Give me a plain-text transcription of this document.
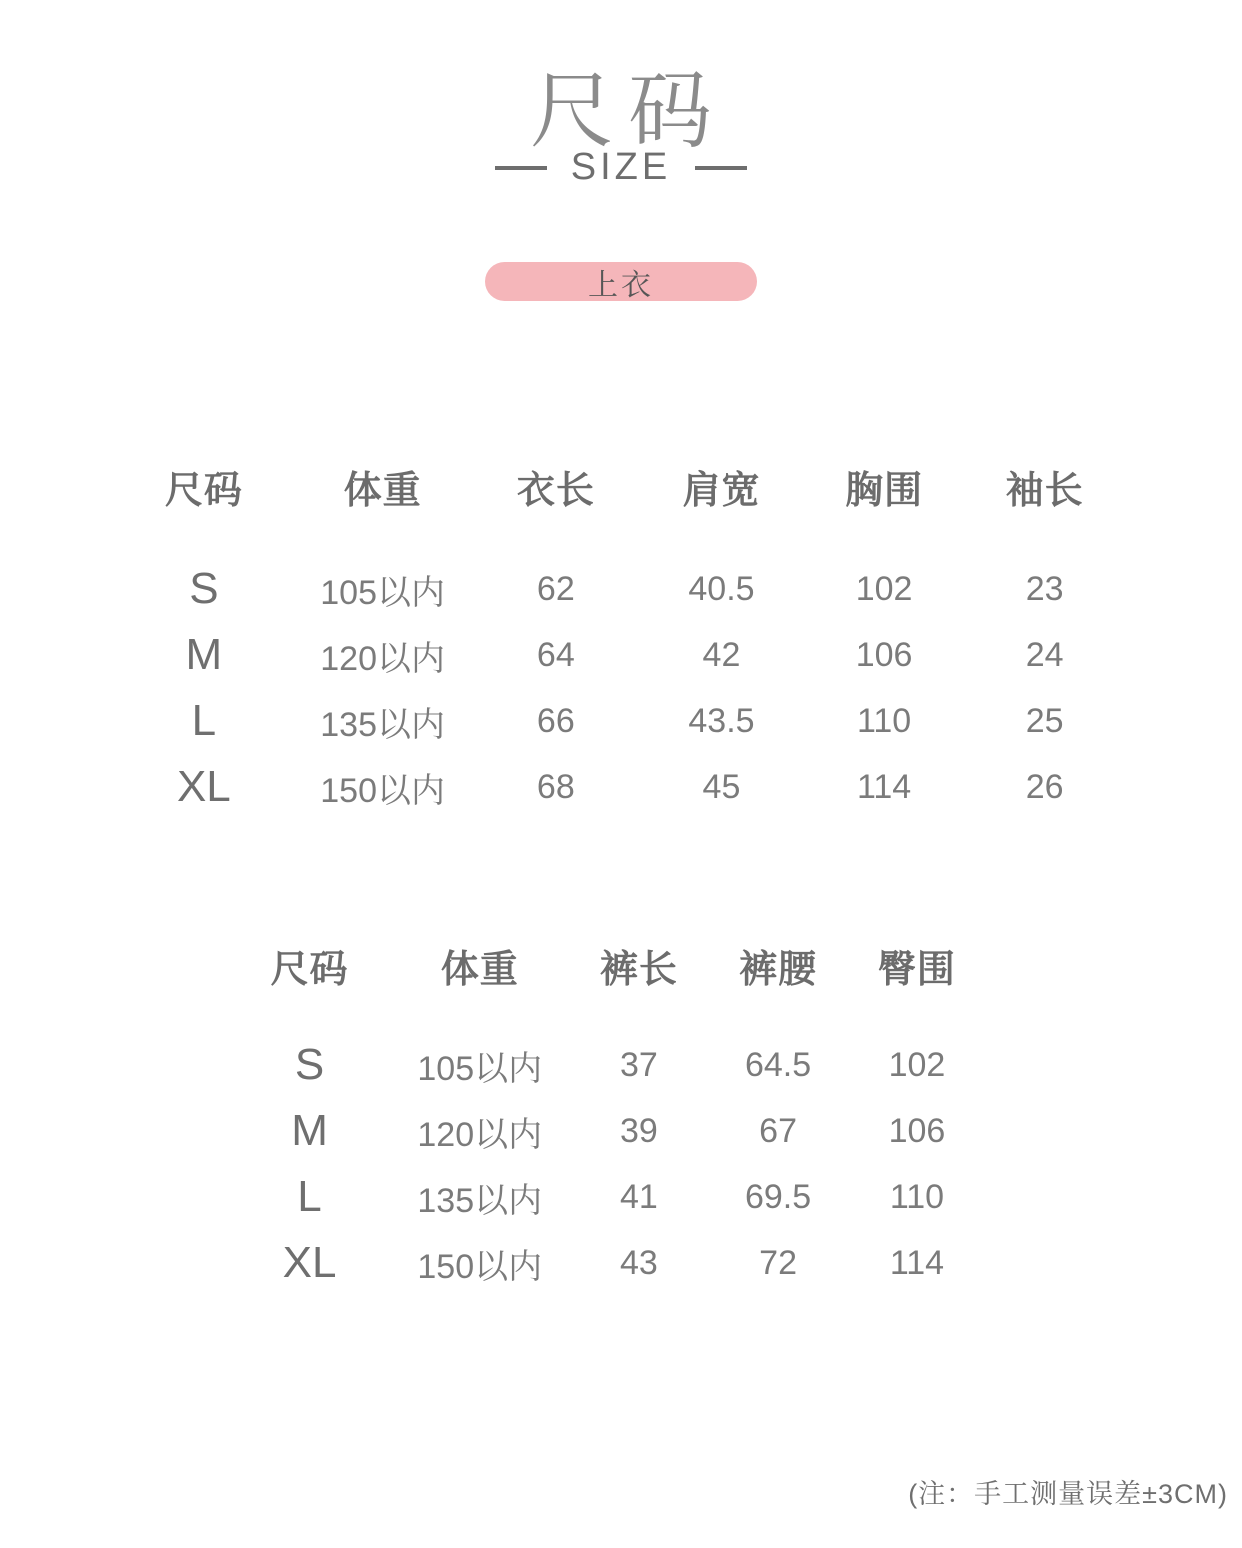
尺码
SIZE
上衣
尺码	体重	衣长	肩宽	胸围	袖长
S	105以内	62	40.5	102	23
M	120以内	64	42	106	24
L	135以内	66	43.5	110	25
XL	150以内	68	45	114	26
尺码	体重	裤长	裤腰	臀围
S	105以内	37	64.5	102
M	120以内	39	67	106
L	135以内	41	69.5	110
XL	150以内	43	72	114
(注：手工测量误差±3CM)
